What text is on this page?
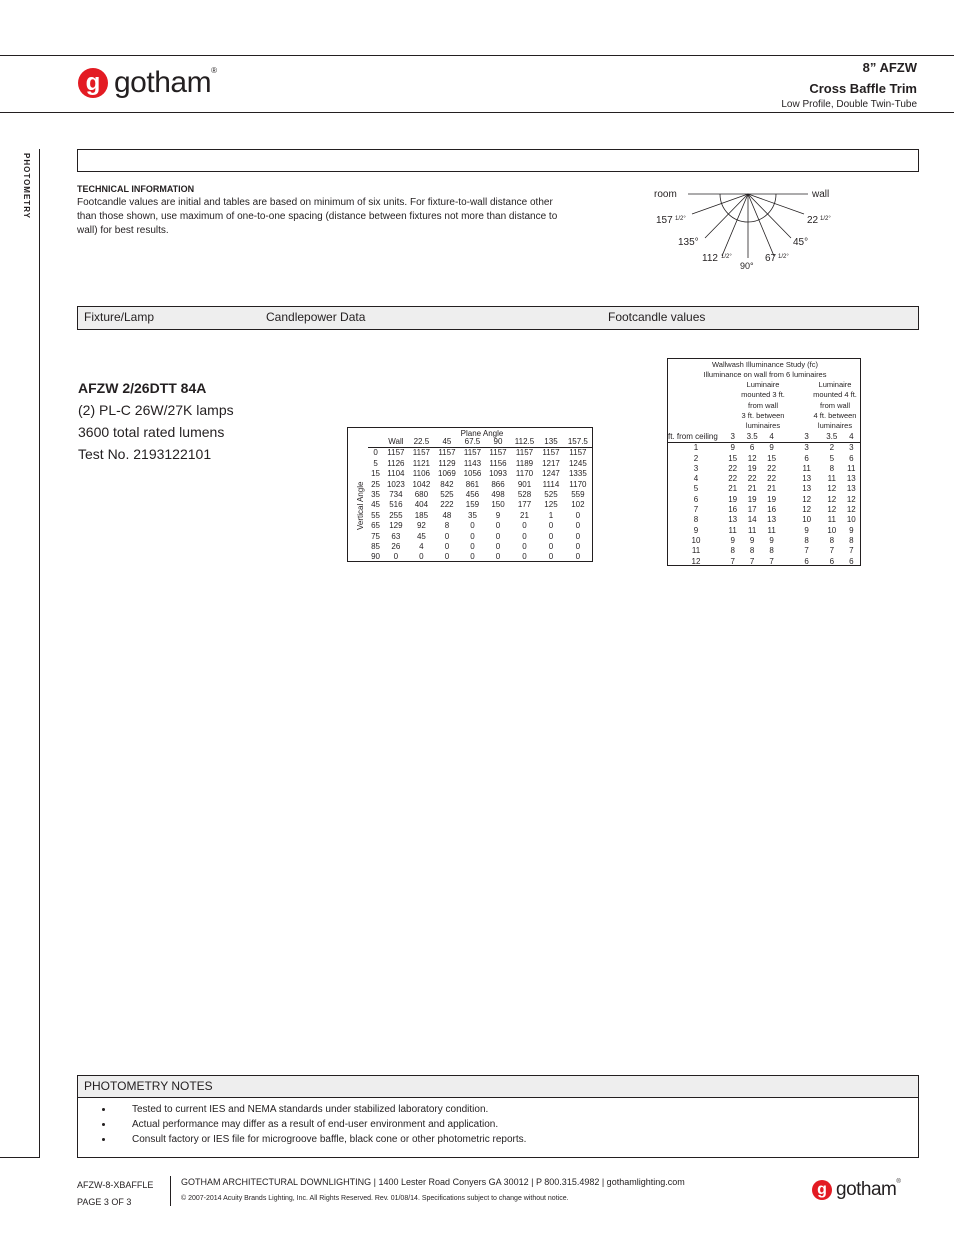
g gotham®	8” AFZW
Cross Baffle Trim
Low Profile, Double Twin-Tube
PHOTOMETRY	TECHNICAL INFORMATION
Footcandle values are initial and tables are based on minimum of six units. For fixture-to-wall distance other than those shown, use maximum of one-to-one spacing (distance between fixtures not more than distance to wall) for best results.
room	wall
157 1/2°
135°
112 1/2°
90°
67 1/2°
45°
22 1/2°
Fixture/Lamp	Candlepower Data	Footcandle values
AFZW 2/26DTT 84A
(2) PL-C 26W/27K lamps
3600 total rated lumens
Test No. 2193122101
Plane Angle
Vertical Angle
	Wall	22.5	45	67.5	90	112.5	135	157.5
0	1157	1157	1157	1157	1157	1157	1157	1157
5	1126	1121	1129	1143	1156	1189	1217	1245
15	1104	1106	1069	1056	1093	1170	1247	1335
25	1023	1042	842	861	866	901	1114	1170
35	734	680	525	456	498	528	525	559
45	516	404	222	159	150	177	125	102
55	255	185	48	35	9	21	1	0
65	129	92	8	0	0	0	0	0
75	63	45	0	0	0	0	0	0
85	26	4	0	0	0	0	0	0
90	0	0	0	0	0	0	0	0
Wallwash Illuminance Study (fc)
Illuminance on wall from 6 luminaires
Luminaire
mounted 3 ft.
from wall
3 ft. between
luminaires
Luminaire
mounted 4 ft.
from wall
4 ft. between
luminaires
ft. from ceiling	3	3.5	4	3	3.5	4
1	9	6	9	3	2	3
2	15	12	15	6	5	6
3	22	19	22	11	8	11
4	22	22	22	13	11	13
5	21	21	21	13	12	13
6	19	19	19	12	12	12
7	16	17	16	12	12	12
8	13	14	13	10	11	10
9	11	11	11	9	10	9
10	9	9	9	8	8	8
11	8	8	8	7	7	7
12	7	7	7	6	6	6
PHOTOMETRY NOTES
• Tested to current IES and NEMA standards under stabilized laboratory condition.
• Actual performance may differ as a result of end-user environment and application.
• Consult factory or IES file for microgroove baffle, black cone or other photometric reports.
AFZW-8-XBAFFLE
PAGE 3 OF 3
GOTHAM ARCHITECTURAL DOWNLIGHTING | 1400 Lester Road Conyers GA 30012 | P 800.315.4982 | gothamlighting.com
© 2007-2014 Acuity Brands Lighting, Inc. All Rights Reserved. Rev. 01/08/14. Specifications subject to change without notice.
g gotham®
